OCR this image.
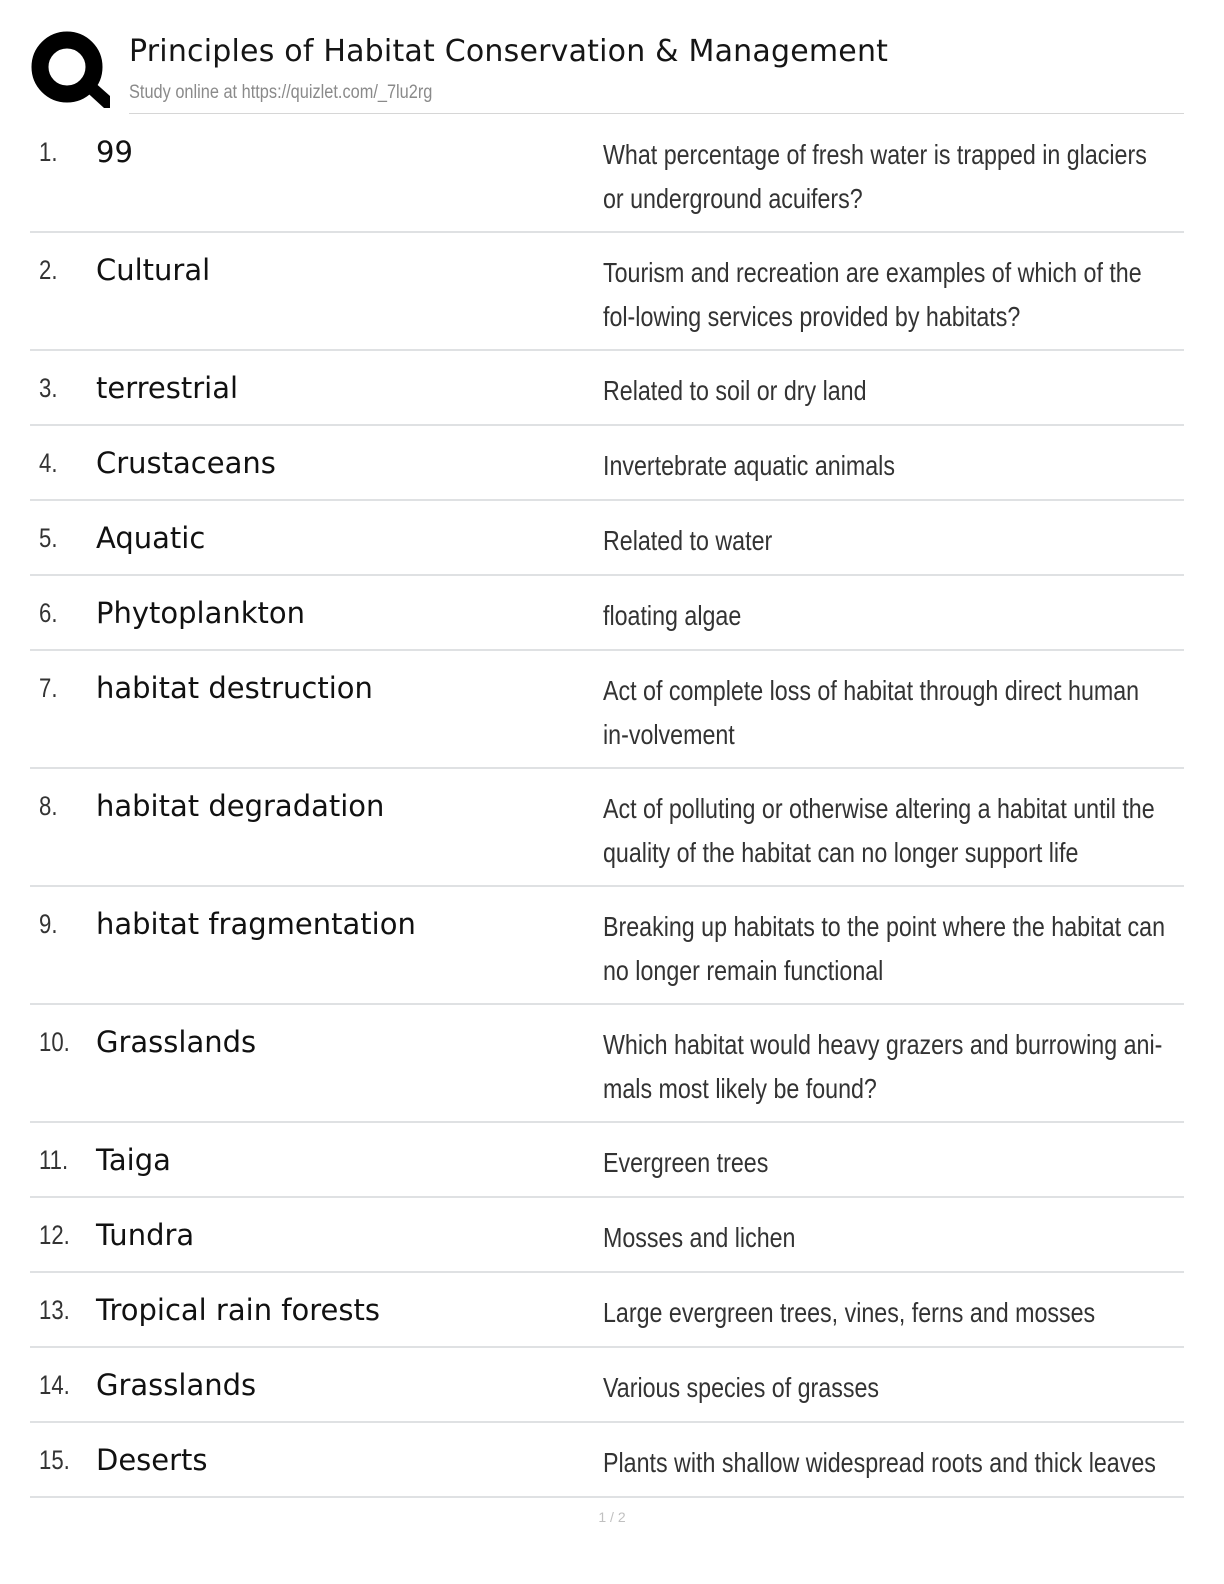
Principles of Habitat Conservation & Management
Study online at https://quizlet.com/_7lu2rg
1. 99	What percentage of fresh water is trapped in glaciers or underground acuifers?
2. Cultural	Tourism and recreation are examples of which of the fol-lowing services provided by habitats?
3. terrestrial	Related to soil or dry land
4. Crustaceans	Invertebrate aquatic animals
5. Aquatic	Related to water
6. Phytoplankton	floating algae
7. habitat destruction	Act of complete loss of habitat through direct human in-volvement
8. habitat degradation	Act of polluting or otherwise altering a habitat until the quality of the habitat can no longer support life
9. habitat fragmentation	Breaking up habitats to the point where the habitat can no longer remain functional
10. Grasslands	Which habitat would heavy grazers and burrowing ani-mals most likely be found?
11. Taiga	Evergreen trees
12. Tundra	Mosses and lichen
13. Tropical rain forests	Large evergreen trees, vines, ferns and mosses
14. Grasslands	Various species of grasses
15. Deserts	Plants with shallow widespread roots and thick leaves
1 / 2
